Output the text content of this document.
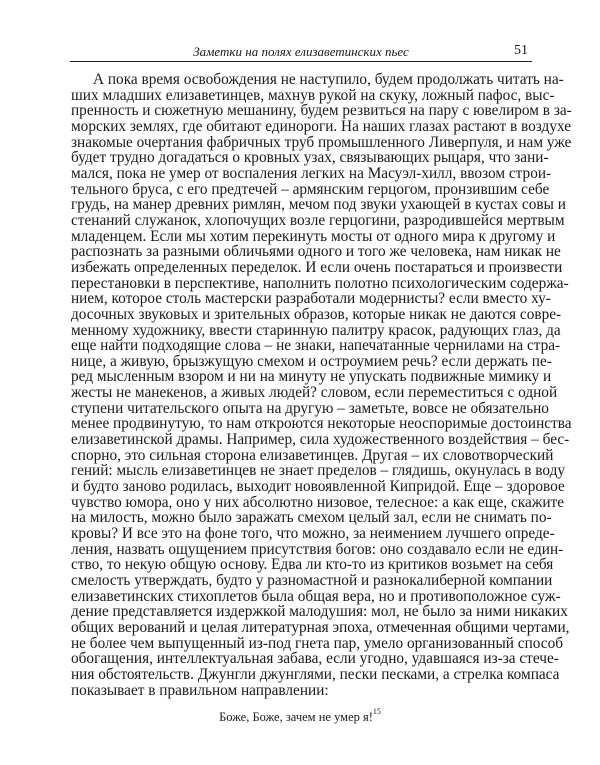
Заметки на полях елизаветинских пьес	51
А пока время освобождения не наступило, будем продолжать читать на-
ших младших елизаветинцев, махнув рукой на скуку, ложный пафос, выс-
пренность и сюжетную мешанину, будем резвиться на пару с ювелиром в за-
морских землях, где обитают единороги. На наших глазах растают в воздухе
знакомые очертания фабричных труб промышленного Ливерпуля, и нам уже
будет трудно догадаться о кровных узах, связывающих рыцаря, что зани-
мался, пока не умер от воспаления легких на Масуэл-хилл, ввозом строи-
тельного бруса, с его предтечей – армянским герцогом, пронзившим себе
грудь, на манер древних римлян, мечом под звуки ухающей в кустах совы и
стенаний служанок, хлопочущих возле герцогини, разродившейся мертвым
младенцем. Если мы хотим перекинуть мосты от одного мира к другому и
распознать за разными обличьями одного и того же человека, нам никак не
избежать определенных переделок. И если очень постараться и произвести
перестановки в перспективе, наполнить полотно психологическим содержа-
нием, которое столь мастерски разработали модернисты? если вместо ху-
досочных звуковых и зрительных образов, которые никак не даются совре-
менному художнику, ввести старинную палитру красок, радующих глаз, да
еще найти подходящие слова – не знаки, напечатанные чернилами на стра-
нице, а живую, брызжущую смехом и остроумием речь? если держать пе-
ред мысленным взором и ни на минуту не упускать подвижные мимику и
жесты не манекенов, а живых людей? словом, если переместиться с одной
ступени читательского опыта на другую – заметьте, вовсе не обязательно
менее продвинутую, то нам откроются некоторые неоспоримые достоинства
елизаветинской драмы. Например, сила художественного воздействия – бес-
спорно, это сильная сторона елизаветинцев. Другая – их словотворческий
гений: мысль елизаветинцев не знает пределов – глядишь, окунулась в воду
и будто заново родилась, выходит новоявленной Кипридой. Еще – здоровое
чувство юмора, оно у них абсолютно низовое, телесное: а как еще, скажите
на милость, можно было заражать смехом целый зал, если не снимать по-
кровы? И все это на фоне того, что можно, за неимением лучшего опреде-
ления, назвать ощущением присутствия богов: оно создавало если не един-
ство, то некую общую основу. Едва ли кто-то из критиков возьмет на себя
смелость утверждать, будто у разномастной и разнокалиберной компании
елизаветинских стихоплетов была общая вера, но и противоположное суж-
дение представляется издержкой малодушия: мол, не было за ними никаких
общих верований и целая литературная эпоха, отмеченная общими чертами,
не более чем выпущенный из-под гнета пар, умело организованный способ
обогащения, интеллектуальная забава, если угодно, удавшаяся из-за стече-
ния обстоятельств. Джунгли джунглями, пески песками, а стрелка компаса
показывает в правильном направлении:
Боже, Боже, зачем не умер я!$^{15}$
